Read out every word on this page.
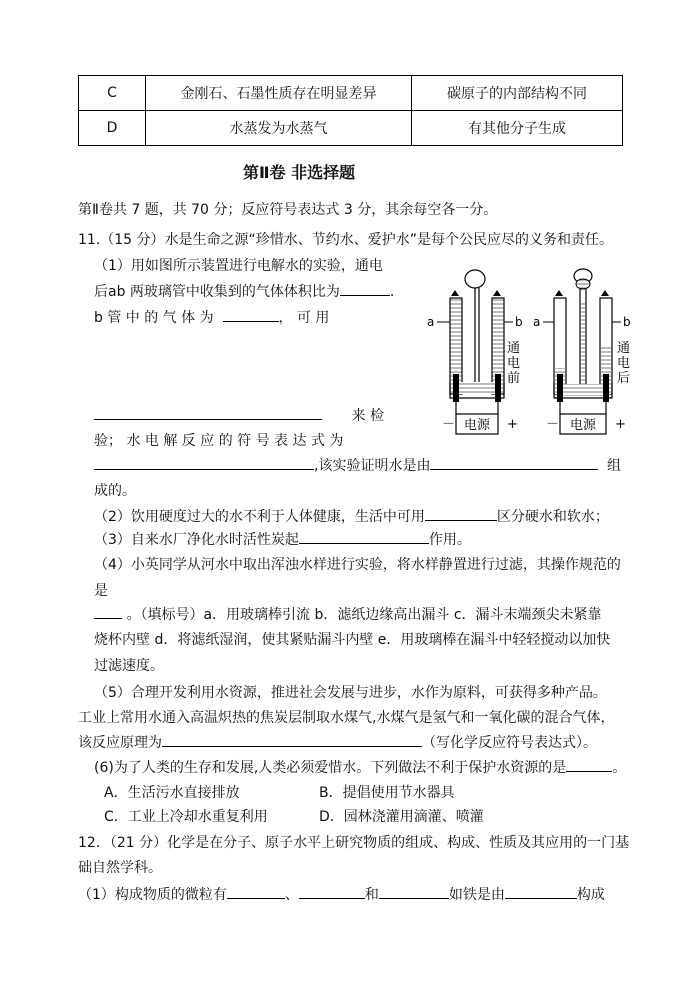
C	金刚石、石墨性质存在明显差异	碳原子的内部结构不同
D	水蒸发为水蒸气	有其他分子生成
第Ⅱ卷 非选择题
第Ⅱ卷共 7 题，共 70 分；反应符号表达式 3 分，其余每空各一分。
11.（15 分）水是生命之源“珍惜水、节约水、爱护水”是每个公民应尽的义务和责任。
（1）用如图所示装置进行电解水的实验，通电
后ab 两玻璃管中收集到的气体体积比为	.
b 管 中 的 气 体 为	， 可 用
来 检
验； 水 电 解 反 应 的 符 号 表 达 式 为
,该实验证明水是由	组
成的。
（2）饮用硬度过大的水不利于人体健康，生活中可用	区分硬水和软水；
（3）自来水厂净化水时活性炭起	作用。
（4）小英同学从河水中取出浑浊水样进行实验，将水样静置进行过滤，其操作规范的
是
。（填标号）a．用玻璃棒引流 b．滤纸边缘高出漏斗 c．漏斗末端颈尖未紧靠
烧杯内壁 d．将滤纸湿润，使其紧贴漏斗内壁 e．用玻璃棒在漏斗中轻轻搅动以加快
过滤速度。
（5）合理开发利用水资源，推进社会发展与进步，水作为原料，可获得多种产品。
工业上常用水通入高温炽热的焦炭层制取水煤气,水煤气是氢气和一氧化碳的混合气体，
该反应原理为	（写化学反应符号表达式）。
(6)为了人类的生存和发展,人类必须爱惜水。下列做法不利于保护水资源的是	。
A．生活污水直接排放	B．提倡使用节水器具
C．工业上冷却水重复利用	D．园林浇灌用滴灌、喷灌
12．（21 分）化学是在分子、原子水平上研究物质的组成、构成、性质及其应用的一门基
础自然学科。
（1）构成物质的微粒有	、	和	如铁是由	构成
电源
－	+
a	b
通
电
前
电源
－	+
a	b
通
电
后
